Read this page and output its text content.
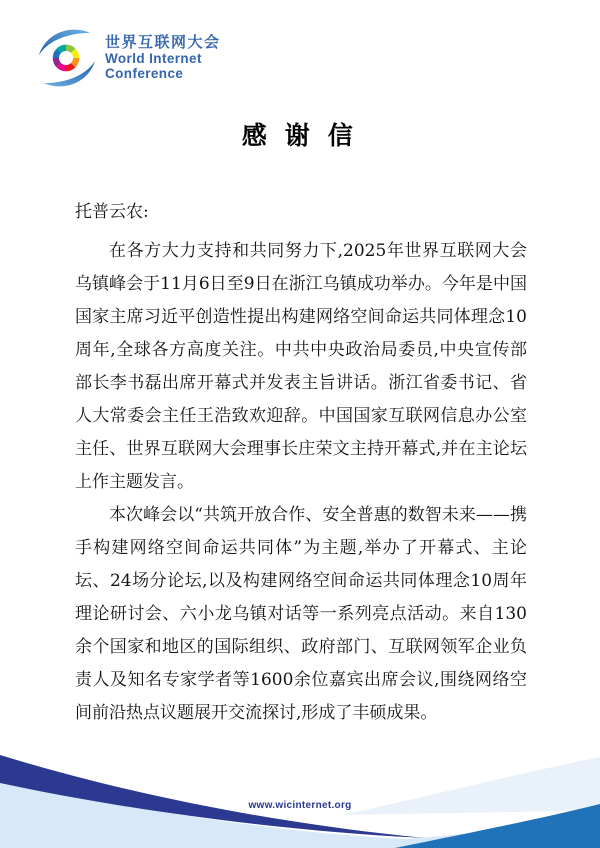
世界互联网大会
World Internet
Conference
感 谢 信

托普云农:

在各方大力支持和共同努力下,2025年世界互联网大会乌镇峰会于11月6日至9日在浙江乌镇成功举办。今年是中国国家主席习近平创造性提出构建网络空间命运共同体理念10周年,全球各方高度关注。中共中央政治局委员,中央宣传部部长李书磊出席开幕式并发表主旨讲话。浙江省委书记、省人大常委会主任王浩致欢迎辞。中国国家互联网信息办公室主任、世界互联网大会理事长庄荣文主持开幕式,并在主论坛上作主题发言。

本次峰会以“共筑开放合作、安全普惠的数智未来——携手构建网络空间命运共同体”为主题,举办了开幕式、主论坛、24场分论坛,以及构建网络空间命运共同体理念10周年理论研讨会、六小龙乌镇对话等一系列亮点活动。来自130余个国家和地区的国际组织、政府部门、互联网领军企业负责人及知名专家学者等1600余位嘉宾出席会议,围绕网络空间前沿热点议题展开交流探讨,形成了丰硕成果。

www.wicinternet.org
